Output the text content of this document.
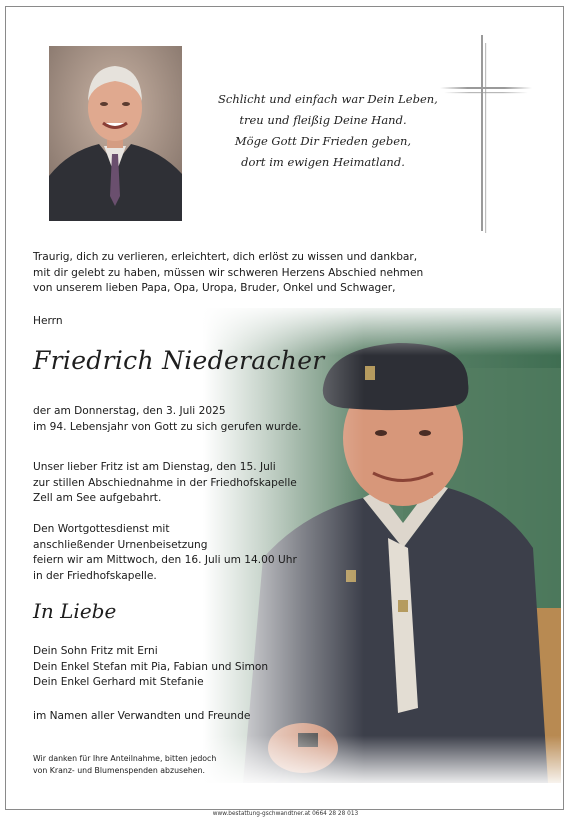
Schlicht und einfach war Dein Leben,
treu und fleißig Deine Hand.
Möge Gott Dir Frieden geben,
dort im ewigen Heimatland.
Traurig, dich zu verlieren, erleichtert, dich erlöst zu wissen und dankbar,
mit dir gelebt zu haben, müssen wir schweren Herzens Abschied nehmen
von unserem lieben Papa, Opa, Uropa, Bruder, Onkel und Schwager,
Herrn
Friedrich Niederacher
der am Donnerstag, den 3. Juli 2025
im 94. Lebensjahr von Gott zu sich gerufen wurde.
Unser lieber Fritz ist am Dienstag, den 15. Juli
zur stillen Abschiednahme in der Friedhofskapelle
Zell am See aufgebahrt.
Den Wortgottesdienst mit
anschließender Urnenbeisetzung
feiern wir am Mittwoch, den 16. Juli um 14.00 Uhr
in der Friedhofskapelle.
In Liebe
Dein Sohn Fritz mit Erni
Dein Enkel Stefan mit Pia, Fabian und Simon
Dein Enkel Gerhard mit Stefanie
im Namen aller Verwandten und Freunde
Wir danken für Ihre Anteilnahme, bitten jedoch
von Kranz- und Blumenspenden abzusehen.
www.bestattung-gschwandtner.at 0664 28 28 013
